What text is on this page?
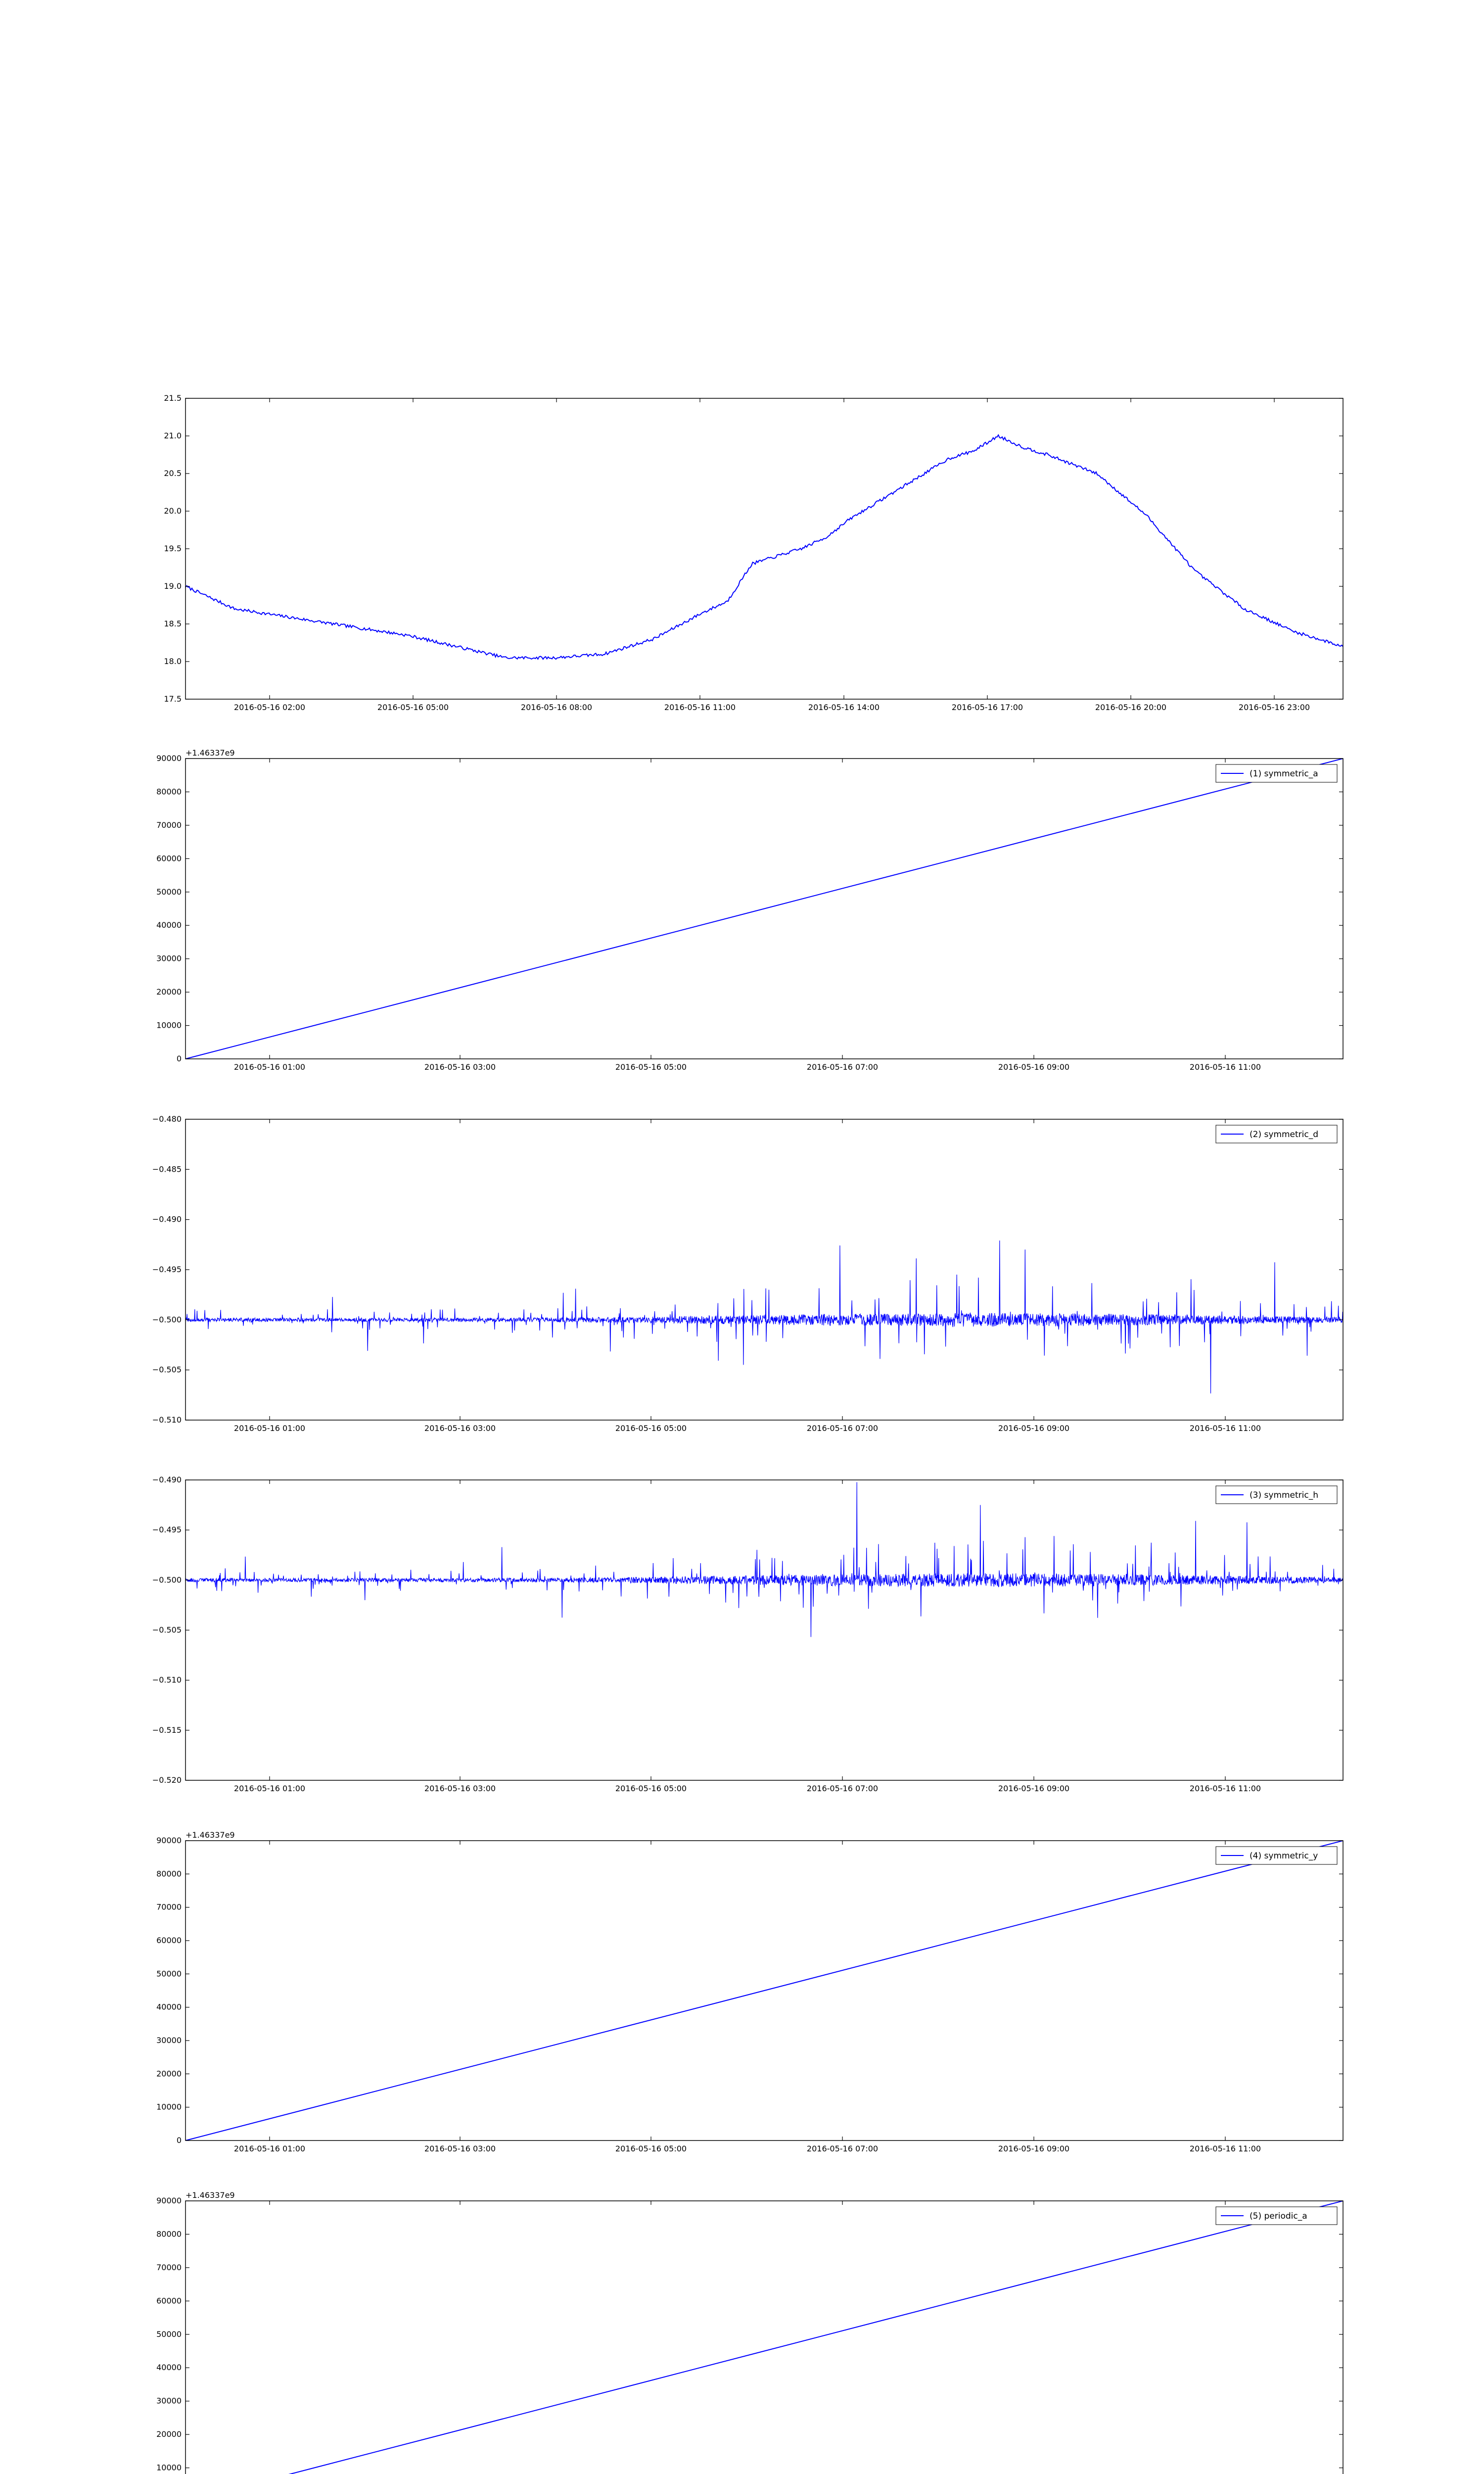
17.5
18.0
18.5
19.0
19.5
20.0
20.5
21.0
21.5
2016-05-16 02:00	2016-05-16 05:00	2016-05-16 08:00	2016-05-16 11:00	2016-05-16 14:00	2016-05-16 17:00	2016-05-16 20:00	2016-05-16 23:00
0
10000
20000
30000
40000
50000
60000
70000
80000
90000
2016-05-16 01:00	2016-05-16 03:00	2016-05-16 05:00	2016-05-16 07:00	2016-05-16 09:00	2016-05-16 11:00
+1.46337e9
(1) symmetric_a
−0.510
−0.505
−0.500
−0.495
−0.490
−0.485
−0.480
2016-05-16 01:00	2016-05-16 03:00	2016-05-16 05:00	2016-05-16 07:00	2016-05-16 09:00	2016-05-16 11:00
(2) symmetric_d
−0.520
−0.515
−0.510
−0.505
−0.500
−0.495
−0.490
2016-05-16 01:00	2016-05-16 03:00	2016-05-16 05:00	2016-05-16 07:00	2016-05-16 09:00	2016-05-16 11:00
(3) symmetric_h
0
10000
20000
30000
40000
50000
60000
70000
80000
90000
2016-05-16 01:00	2016-05-16 03:00	2016-05-16 05:00	2016-05-16 07:00	2016-05-16 09:00	2016-05-16 11:00
+1.46337e9
(4) symmetric_y
10000
20000
30000
40000
50000
60000
70000
80000
90000
+1.46337e9
(5) periodic_a
